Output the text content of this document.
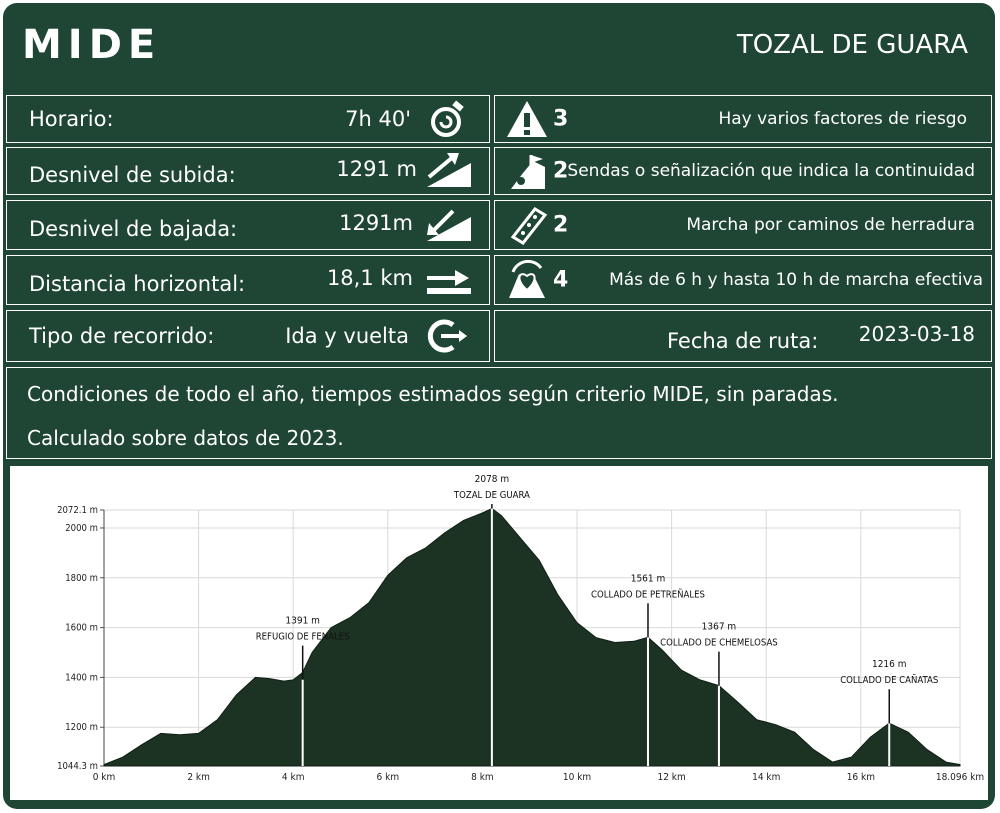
MIDE	TOZAL DE GUARA
Horario:	7h 40'
Desnivel de subida:	1291 m
Desnivel de bajada:	1291m
Distancia horizontal:	18,1 km
Tipo de recorrido:	Ida y vuelta
3	Hay varios factores de riesgo
2 Sendas o señalización que indica la continuidad
2	Marcha por caminos de herradura
4 Más de 6 h y hasta 10 h de marcha efectiva
Fecha de ruta: 2023-03-18

Condiciones de todo el año, tiempos estimados según criterio MIDE, sin paradas.

Calculado sobre datos de 2023.

0 km	2 km	4 km	6 km	8 km	10 km	12 km	14 km	16 km	18.096 km
1044.3 m
1200 m
1400 m
1600 m
1800 m
2000 m
2072.1 m
1391 m
REFUGIO DE FENALES
2078 m
TOZAL DE GUARA
1561 m
COLLADO DE PETREÑALES
1367 m
COLLADO DE CHEMELOSAS
1216 m
COLLADO DE CAÑATAS
